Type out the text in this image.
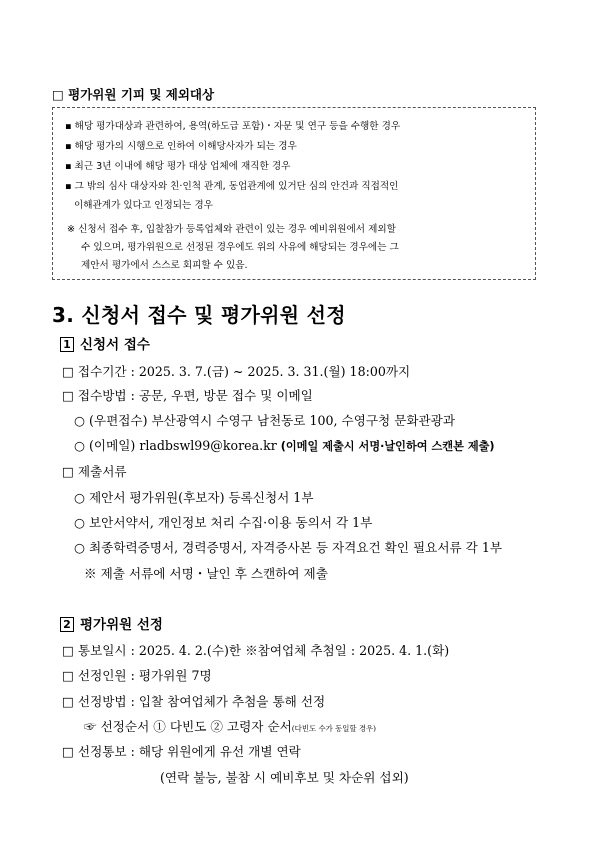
□ 평가위원 기피 및 제외대상
▪ 해당 평가대상과 관련하여, 용역(하도급 포함)・자문 및 연구 등을 수행한 경우
▪ 해당 평가의 시행으로 인하여 이해당사자가 되는 경우
▪ 최근 3년 이내에 해당 평가 대상 업체에 재직한 경우
▪ 그 밖의 심사 대상자와 친·인척 관계, 동업관계에 있거단 심의 안건과 직접적인
이해관계가 있다고 인정되는 경우
※ 신청서 접수 후, 입찰참가 등록업체와 관련이 있는 경우 예비위원에서 제외할
수 있으며, 평가위원으로 선정된 경우에도 위의 사유에 해당되는 경우에는 그
제안서 평가에서 스스로 회피할 수 있음.
3. 신청서 접수 및 평가위원 선정
1 신청서 접수
□ 접수기간 : 2025. 3. 7.(금) ~ 2025. 3. 31.(월) 18:00까지
□ 접수방법 : 공문, 우편, 방문 접수 및 이메일
○ (우편접수) 부산광역시 수영구 남천동로 100, 수영구청 문화관광과
○ (이메일) rladbswl99@korea.kr (이메일 제출시 서명·날인하여 스캔본 제출)
□ 제출서류
○ 제안서 평가위원(후보자) 등록신청서 1부
○ 보안서약서, 개인정보 처리 수집·이용 동의서 각 1부
○ 최종학력증명서, 경력증명서, 자격증사본 등 자격요건 확인 필요서류 각 1부
※ 제출 서류에 서명・날인 후 스캔하여 제출
2 평가위원 선정
□ 통보일시 : 2025. 4. 2.(수)한 ※참여업체 추첨일 : 2025. 4. 1.(화)
□ 선정인원 : 평가위원 7명
□ 선정방법 : 입찰 참여업체가 추첨을 통해 선정
☞ 선정순서 ① 다빈도 ② 고령자 순서(다빈도 수가 동일할 경우)
□ 선정통보 : 해당 위원에게 유선 개별 연락
(연락 불능, 불참 시 예비후보 및 차순위 섭외)
